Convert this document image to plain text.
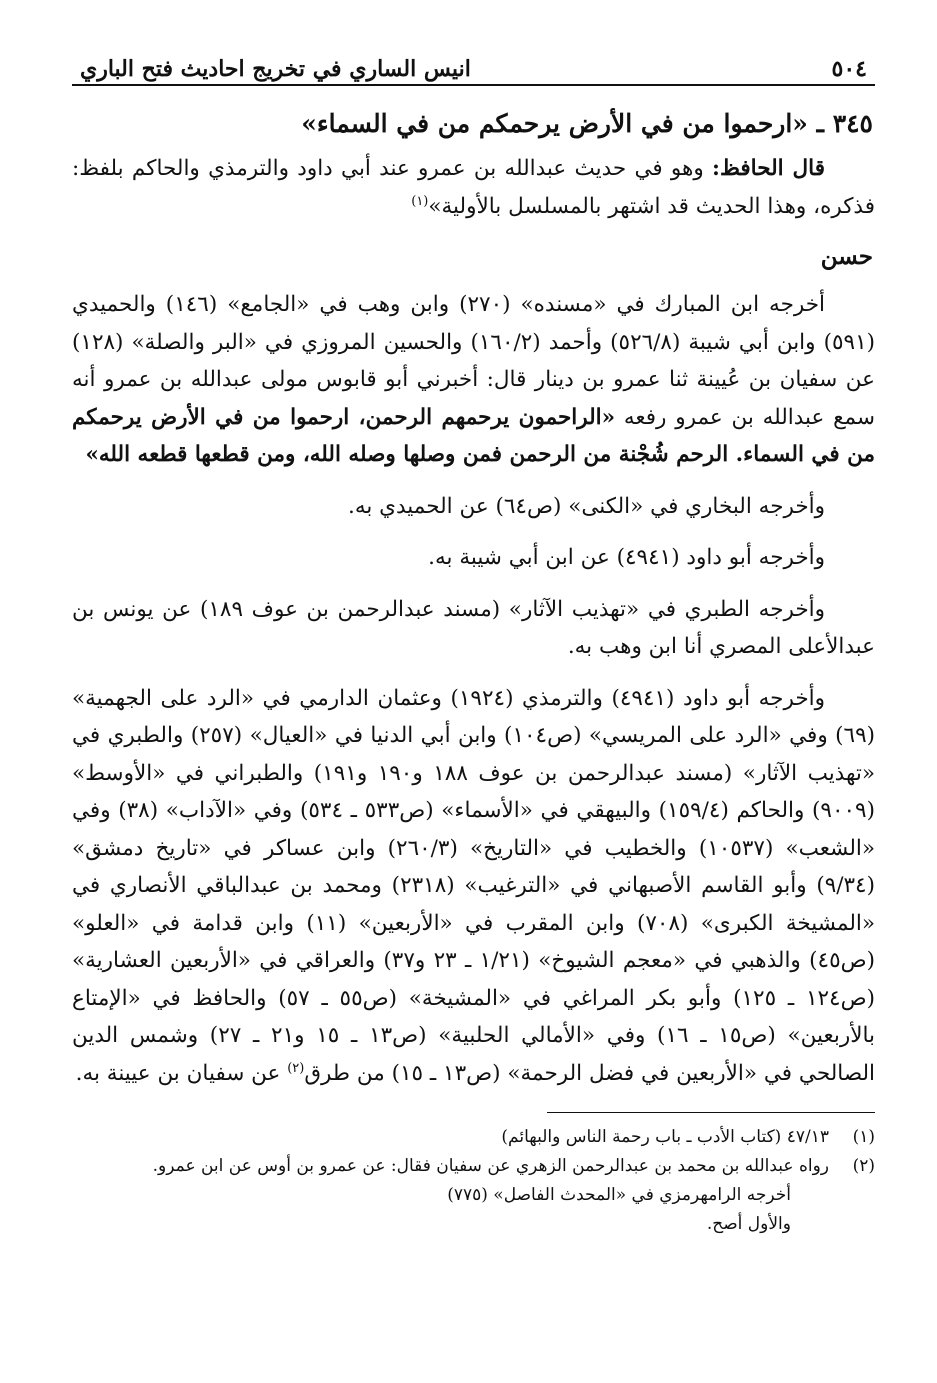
٥٠٤
انيس الساري في تخريج احاديث فتح الباري
٣٤٥ ـ «ارحموا من في الأرض يرحمكم من في السماء»
قال الحافظ: وهو في حديث عبدالله بن عمرو عند أبي داود والترمذي والحاكم بلفظ: فذكره، وهذا الحديث قد اشتهر بالمسلسل بالأولية»$^{(١)}$
حسن
أخرجه ابن المبارك في «مسنده» (٢٧٠) وابن وهب في «الجامع» (١٤٦) والحميدي (٥٩١) وابن أبي شيبة (٥٢٦/٨) وأحمد (١٦٠/٢) والحسين المروزي في «البر والصلة» (١٢٨) عن سفيان بن عُيينة ثنا عمرو بن دينار قال: أخبرني أبو قابوس مولى عبدالله بن عمرو أنه سمع عبدالله بن عمرو رفعه «الراحمون يرحمهم الرحمن، ارحموا من في الأرض يرحمكم من في السماء. الرحم شُجْنة من الرحمن فمن وصلها وصله الله، ومن قطعها قطعه الله»
وأخرجه البخاري في «الكنى» (ص٦٤) عن الحميدي به.
وأخرجه أبو داود (٤٩٤١) عن ابن أبي شيبة به.
وأخرجه الطبري في «تهذيب الآثار» (مسند عبدالرحمن بن عوف ١٨٩) عن يونس بن عبدالأعلى المصري أنا ابن وهب به.
وأخرجه أبو داود (٤٩٤١) والترمذي (١٩٢٤) وعثمان الدارمي في «الرد على الجهمية» (٦٩) وفي «الرد على المريسي» (ص١٠٤) وابن أبي الدنيا في «العيال» (٢٥٧) والطبري في «تهذيب الآثار» (مسند عبدالرحمن بن عوف ١٨٨ و١٩٠ و١٩١) والطبراني في «الأوسط» (٩٠٠٩) والحاكم (١٥٩/٤) والبيهقي في «الأسماء» (ص٥٣٣ ـ ٥٣٤) وفي «الآداب» (٣٨) وفي «الشعب» (١٠٥٣٧) والخطيب في «التاريخ» (٢٦٠/٣) وابن عساكر في «تاريخ دمشق» (٩/٣٤) وأبو القاسم الأصبهاني في «الترغيب» (٢٣١٨) ومحمد بن عبدالباقي الأنصاري في «المشيخة الكبرى» (٧٠٨) وابن المقرب في «الأربعين» (١١) وابن قدامة في «العلو» (ص٤٥) والذهبي في «معجم الشيوخ» (١/٢١ ـ ٢٣ و٣٧) والعراقي في «الأربعين العشارية» (ص١٢٤ ـ ١٢٥) وأبو بكر المراغي في «المشيخة» (ص٥٥ ـ ٥٧) والحافظ في «الإمتاع بالأربعين» (ص١٥ ـ ١٦) وفي «الأمالي الحلبية» (ص١٣ ـ ١٥ و٢١ ـ ٢٧) وشمس الدين الصالحي في «الأربعين في فضل الرحمة» (ص١٣ ـ ١٥) من طرق$^{(٢)}$ عن سفيان بن عيينة به.
(١)
٤٧/١٣ (كتاب الأدب ـ باب رحمة الناس والبهائم)
(٢)
رواه عبدالله بن محمد بن عبدالرحمن الزهري عن سفيان فقال: عن عمرو بن أوس عن ابن عمرو.
أخرجه الرامهرمزي في «المحدث الفاصل» (٧٧٥)
والأول أصح.
